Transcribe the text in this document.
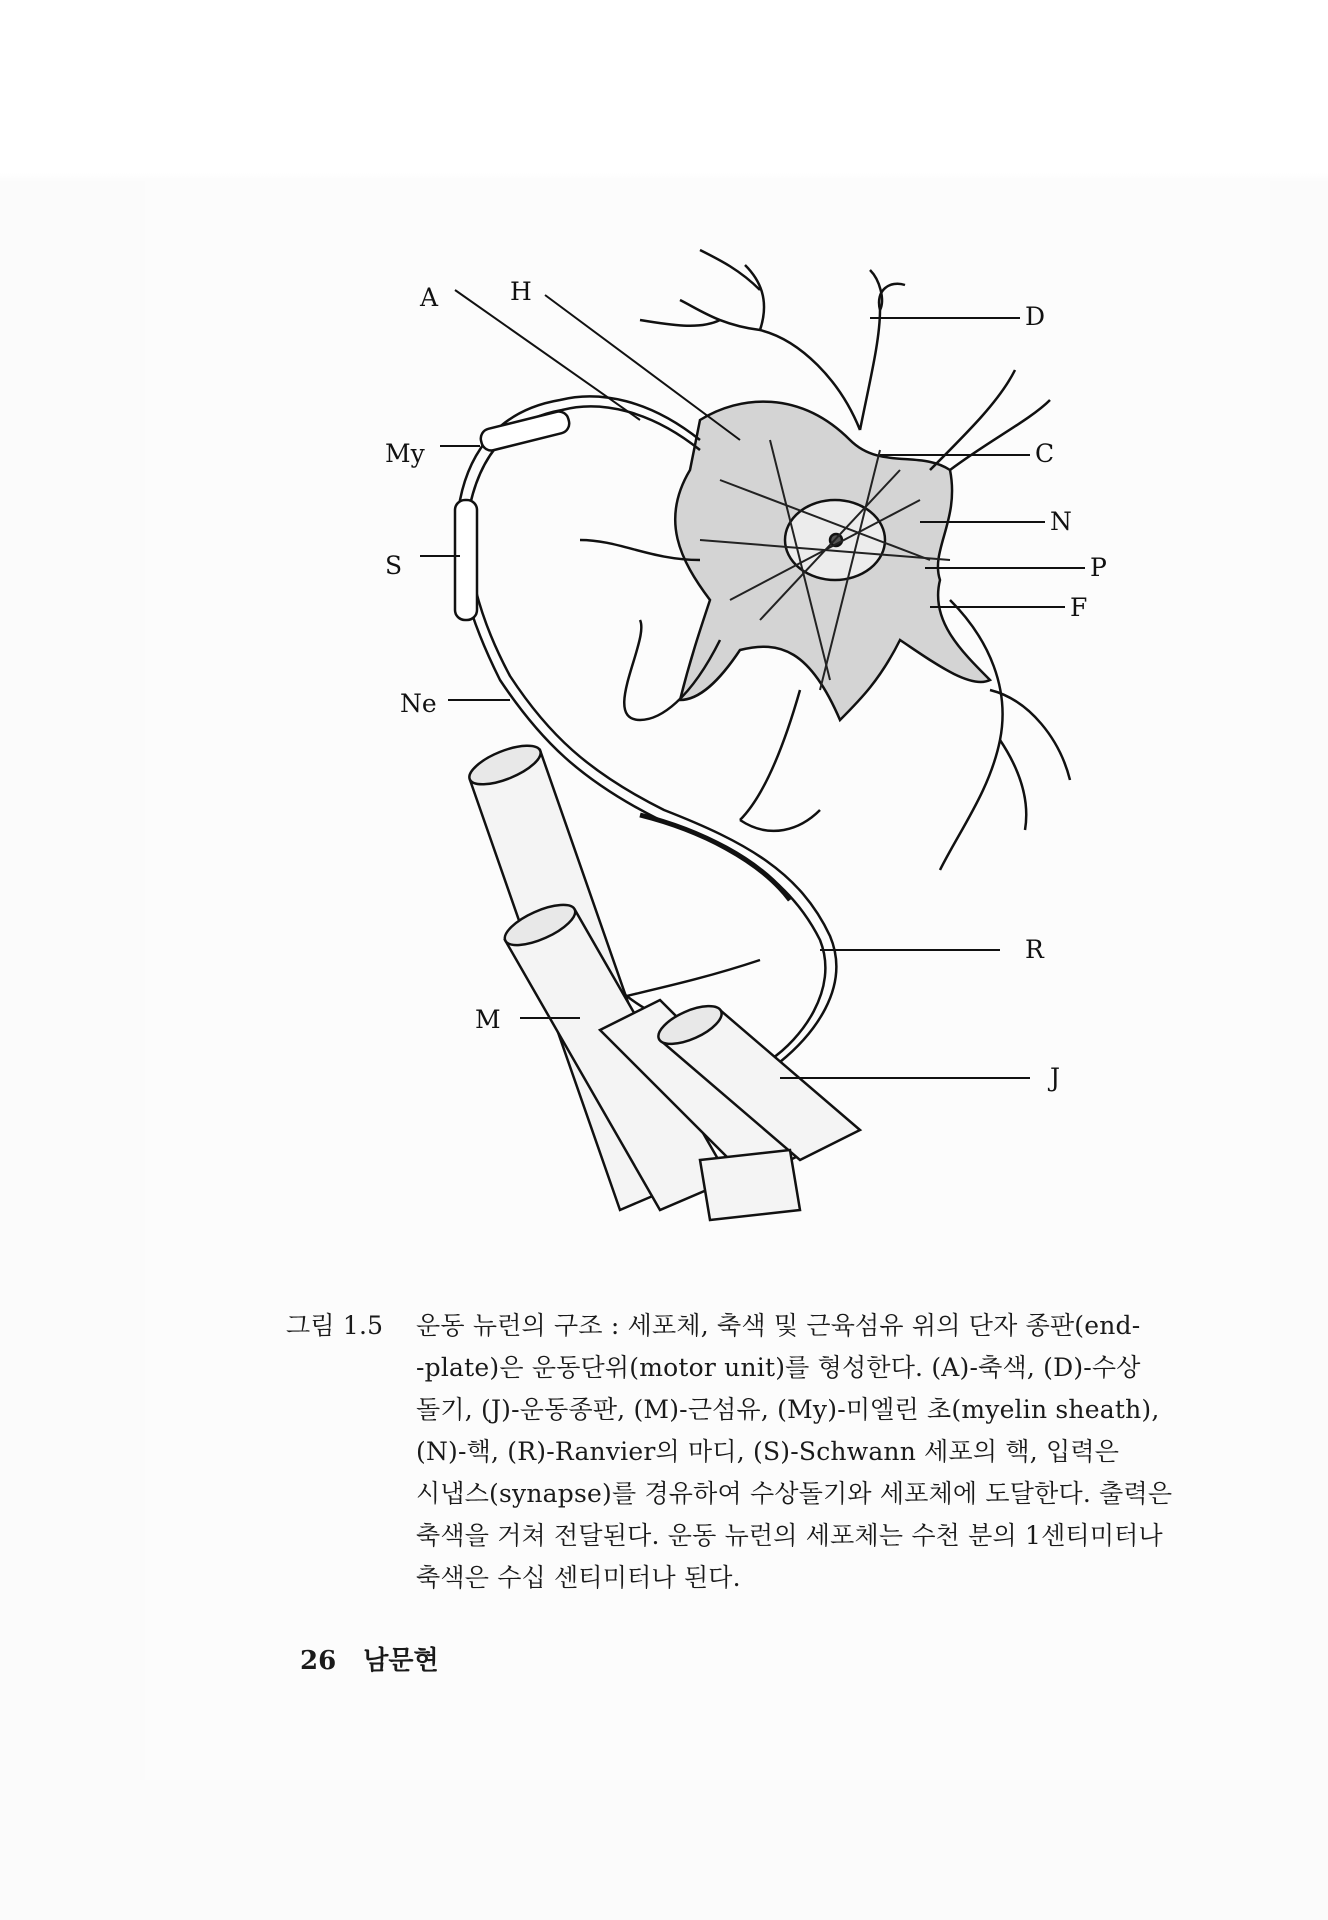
A	H
D
My	C
N
S	P
F
Ne
R
M
J
그림 1.5 운동 뉴런의 구조 : 세포체, 축색 및 근육섬유 위의 단자 종판(end-
-plate)은 운동단위(motor unit)를 형성한다. (A)-축색, (D)-수상
돌기, (J)-운동종판, (M)-근섬유, (My)-미엘린 초(myelin sheath),
(N)-핵, (R)-Ranvier의 마디, (S)-Schwann 세포의 핵, 입력은
시냅스(synapse)를 경유하여 수상돌기와 세포체에 도달한다. 출력은
축색을 거쳐 전달된다. 운동 뉴런의 세포체는 수천 분의 1센티미터나
축색은 수십 센티미터나 된다.
26 남문현
